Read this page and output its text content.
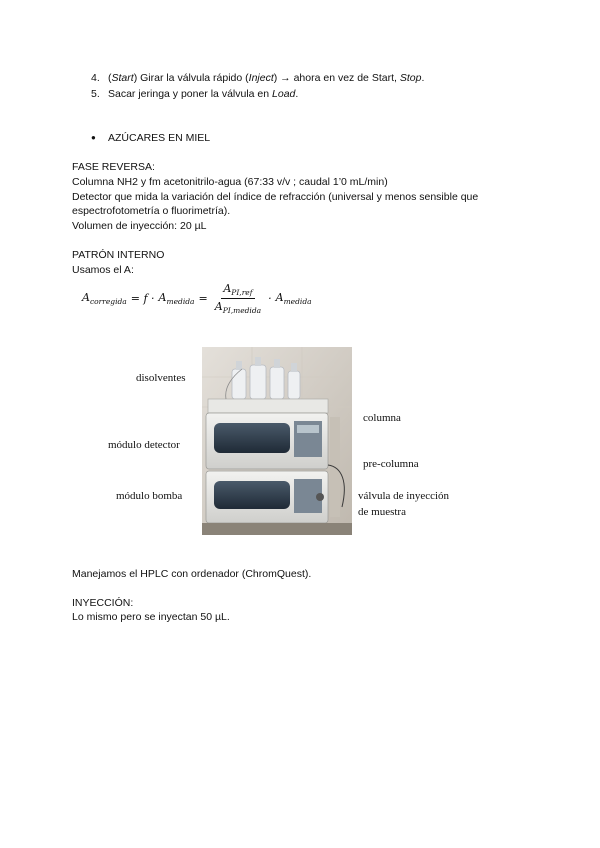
4. (Start) Girar la válvula rápido (Inject) → ahora en vez de Start, Stop.
5. Sacar jeringa y poner la válvula en Load.
● AZÚCARES EN MIEL
FASE REVERSA:
Columna NH2 y fm acetonitrilo-agua (67:33 v/v ; caudal 1’0 mL/min)
Detector que mida la variación del índice de refracción (universal y menos sensible que
espectrofotometría o fluorimetría).
Volumen de inyección: 20 µL
PATRÓN INTERNO
Usamos el A:
$A_{corregida} = f \cdot A_{medida} = \frac{A_{PI,ref}}{A_{PI,medida}} \cdot A_{medida}$
disolventes
columna
módulo detector
pre-columna
módulo bomba	válvula de inyección
de muestra
Manejamos el HPLC con ordenador (ChromQuest).
INYECCIÓN:
Lo mismo pero se inyectan 50 µL.
